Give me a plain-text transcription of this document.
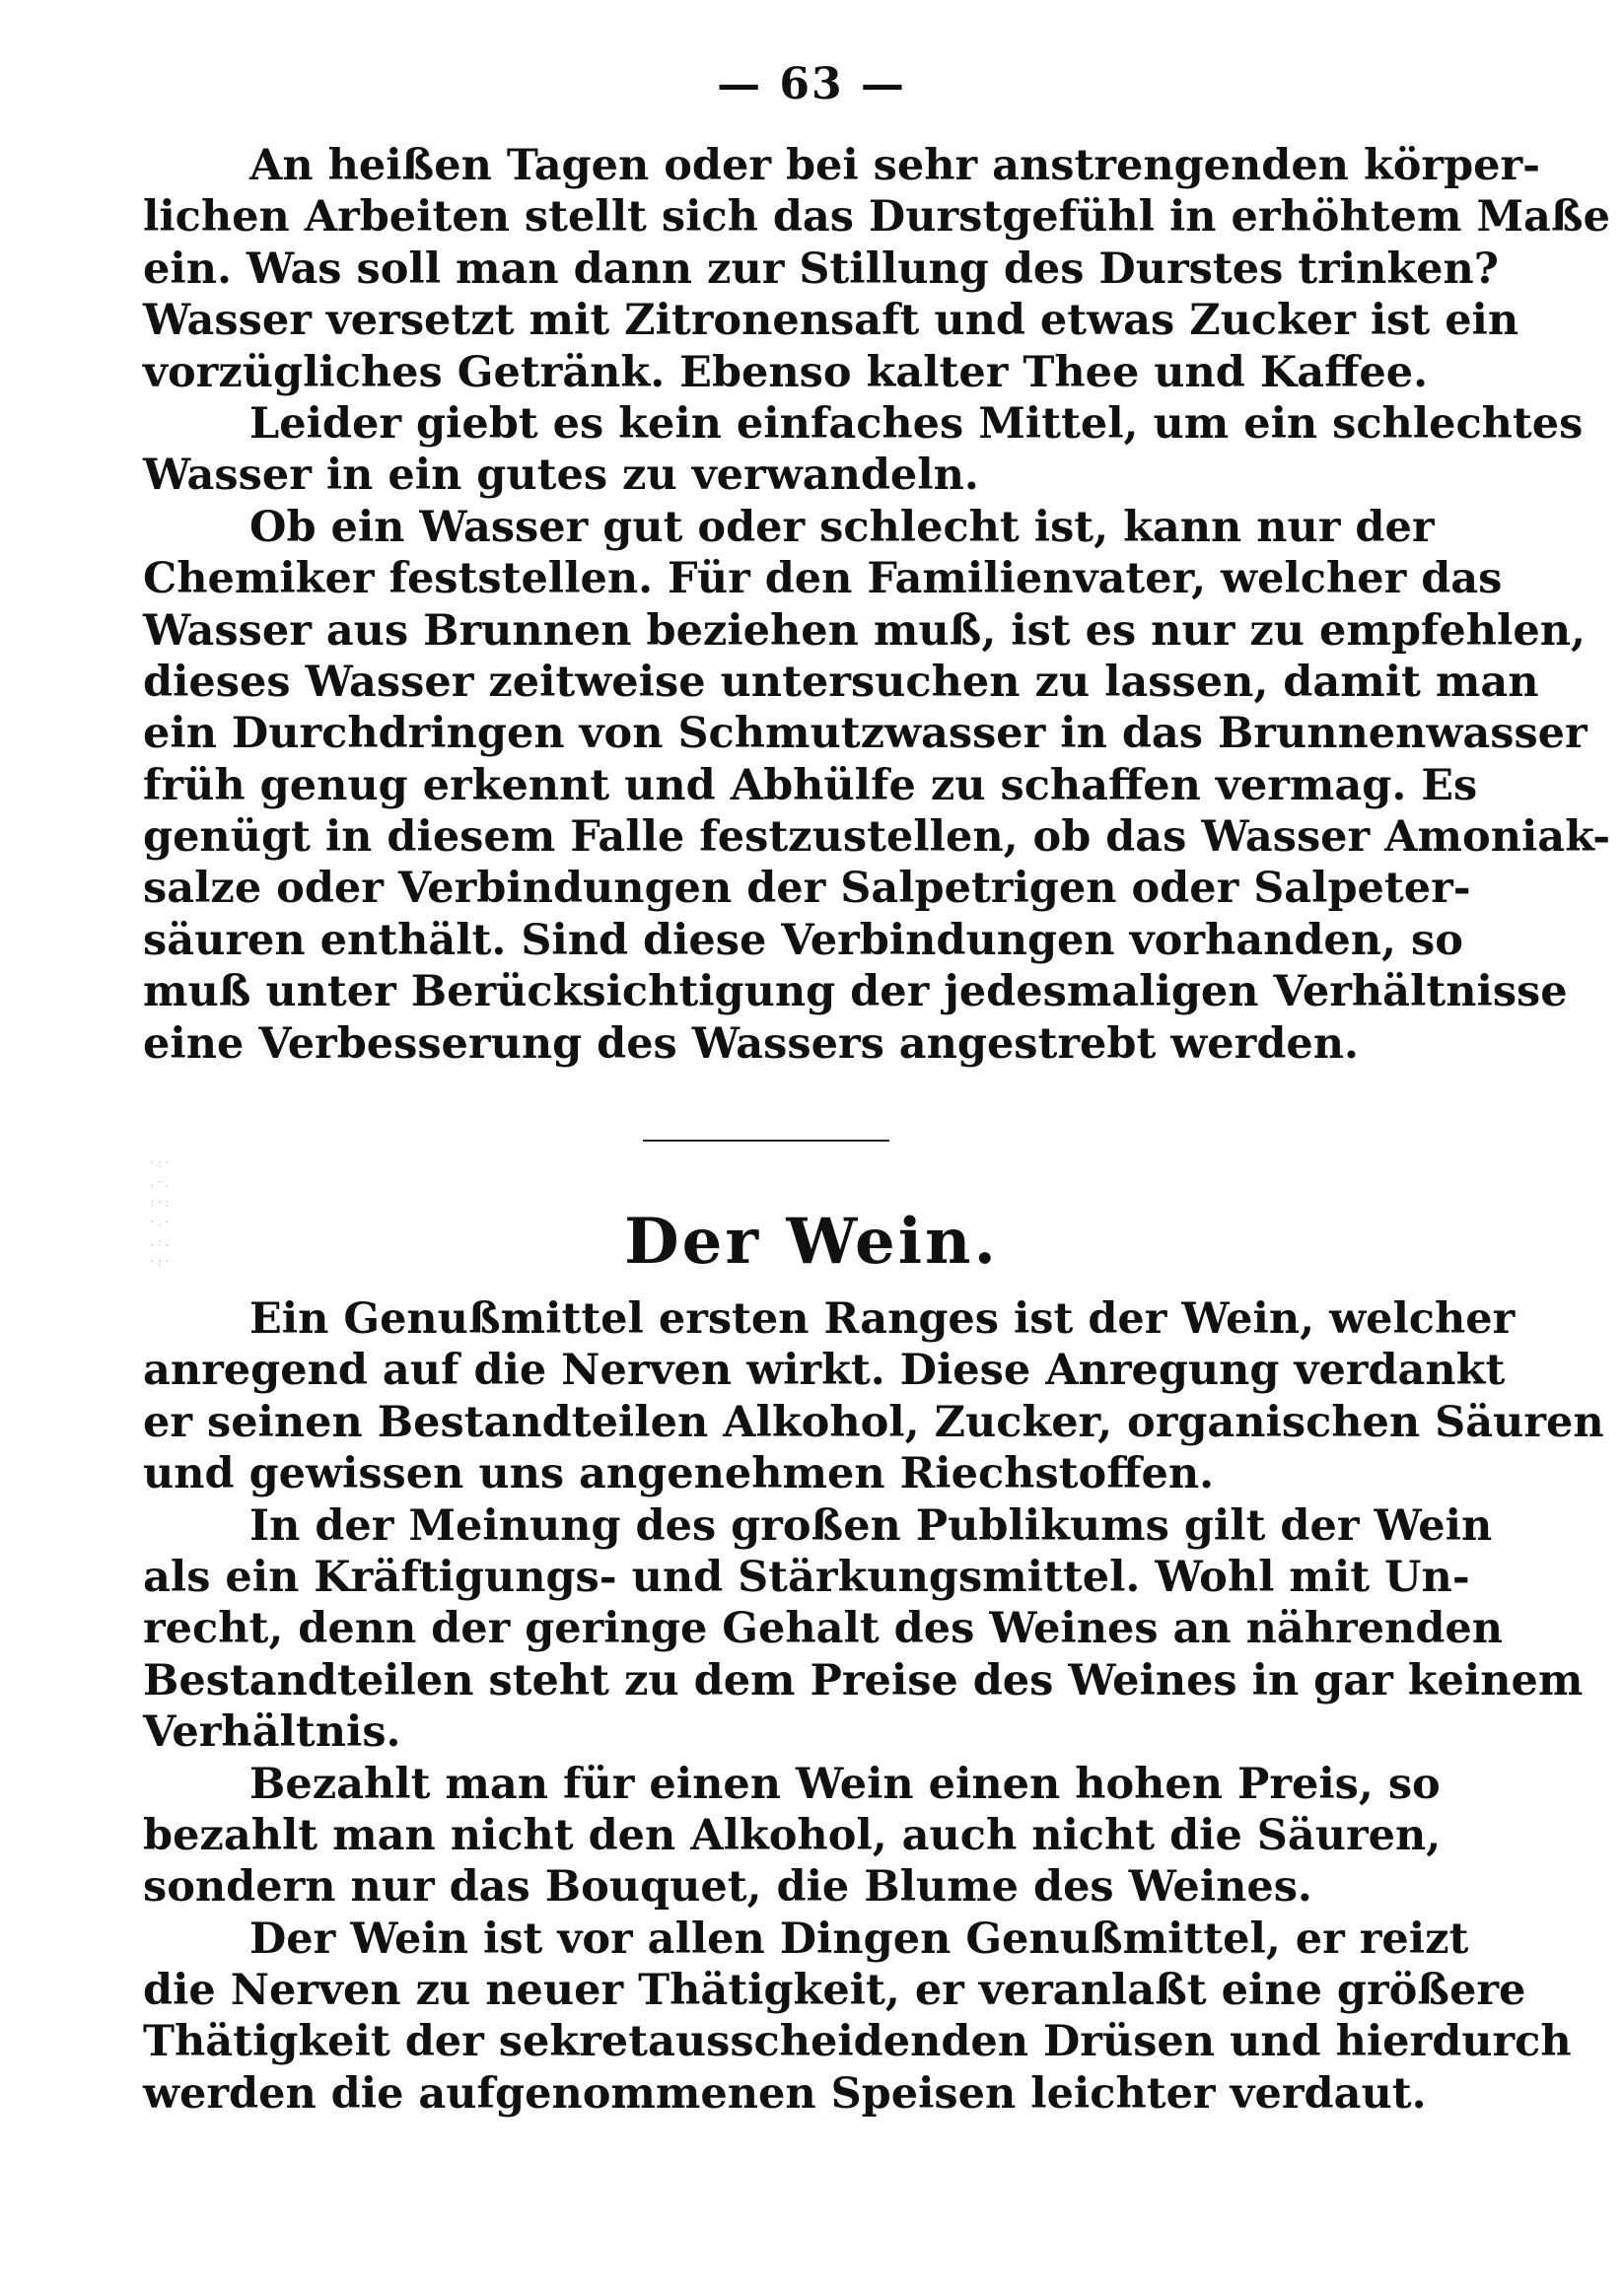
— 63 —
An heißen Tagen oder bei sehr anstrengenden körper-
lichen Arbeiten stellt sich das Durstgefühl in erhöhtem Maße
ein. Was soll man dann zur Stillung des Durstes trinken?
Wasser versetzt mit Zitronensaft und etwas Zucker ist ein
vorzügliches Getränk. Ebenso kalter Thee und Kaffee.
Leider giebt es kein einfaches Mittel, um ein schlechtes
Wasser in ein gutes zu verwandeln.
Ob ein Wasser gut oder schlecht ist, kann nur der
Chemiker feststellen. Für den Familienvater, welcher das
Wasser aus Brunnen beziehen muß, ist es nur zu empfehlen,
dieses Wasser zeitweise untersuchen zu lassen, damit man
ein Durchdringen von Schmutzwasser in das Brunnenwasser
früh genug erkennt und Abhülfe zu schaffen vermag. Es
genügt in diesem Falle festzustellen, ob das Wasser Amoniak-
salze oder Verbindungen der Salpetrigen oder Salpeter-
säuren enthält. Sind diese Verbindungen vorhanden, so
muß unter Berücksichtigung der jedesmaligen Verhältnisse
eine Verbesserung des Wassers angestrebt werden.
·:·
.·.
:·:
·.·
.:.
·:·	Der Wein.
Ein Genußmittel ersten Ranges ist der Wein, welcher
anregend auf die Nerven wirkt. Diese Anregung verdankt
er seinen Bestandteilen Alkohol, Zucker, organischen Säuren
und gewissen uns angenehmen Riechstoffen.
In der Meinung des großen Publikums gilt der Wein
als ein Kräftigungs- und Stärkungsmittel. Wohl mit Un-
recht, denn der geringe Gehalt des Weines an nährenden
Bestandteilen steht zu dem Preise des Weines in gar keinem
Verhältnis.
Bezahlt man für einen Wein einen hohen Preis, so
bezahlt man nicht den Alkohol, auch nicht die Säuren,
sondern nur das Bouquet, die Blume des Weines.
Der Wein ist vor allen Dingen Genußmittel, er reizt
die Nerven zu neuer Thätigkeit, er veranlaßt eine größere
Thätigkeit der sekretausscheidenden Drüsen und hierdurch
werden die aufgenommenen Speisen leichter verdaut.
